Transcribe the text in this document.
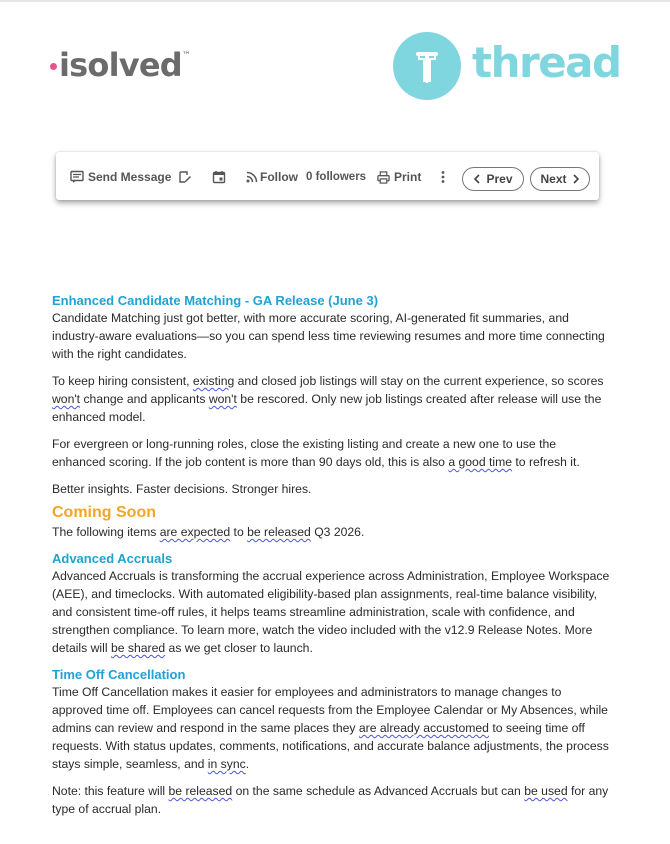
isolved™	thread
Send Message	Follow 0 followers Print	Prev Next
Enhanced Candidate Matching - GA Release (June 3)

Candidate Matching just got better, with more accurate scoring, AI-generated fit summaries, and industry-aware evaluations—so you can spend less time reviewing resumes and more time connecting with the right candidates.

To keep hiring consistent, existing and closed job listings will stay on the current experience, so scores won't change and applicants won't be rescored. Only new job listings created after release will use the enhanced model.

For evergreen or long-running roles, close the existing listing and create a new one to use the enhanced scoring. If the job content is more than 90 days old, this is also a good time to refresh it.

Better insights. Faster decisions. Stronger hires.

Coming Soon

The following items are expected to be released Q3 2026.

Advanced Accruals

Advanced Accruals is transforming the accrual experience across Administration, Employee Workspace (AEE), and timeclocks. With automated eligibility-based plan assignments, real-time balance visibility, and consistent time-off rules, it helps teams streamline administration, scale with confidence, and strengthen compliance. To learn more, watch the video included with the v12.9 Release Notes. More details will be shared as we get closer to launch.

Time Off Cancellation

Time Off Cancellation makes it easier for employees and administrators to manage changes to approved time off. Employees can cancel requests from the Employee Calendar or My Absences, while admins can review and respond in the same places they are already accustomed to seeing time off requests. With status updates, comments, notifications, and accurate balance adjustments, the process stays simple, seamless, and in sync.

Note: this feature will be released on the same schedule as Advanced Accruals but can be used for any type of accrual plan.
